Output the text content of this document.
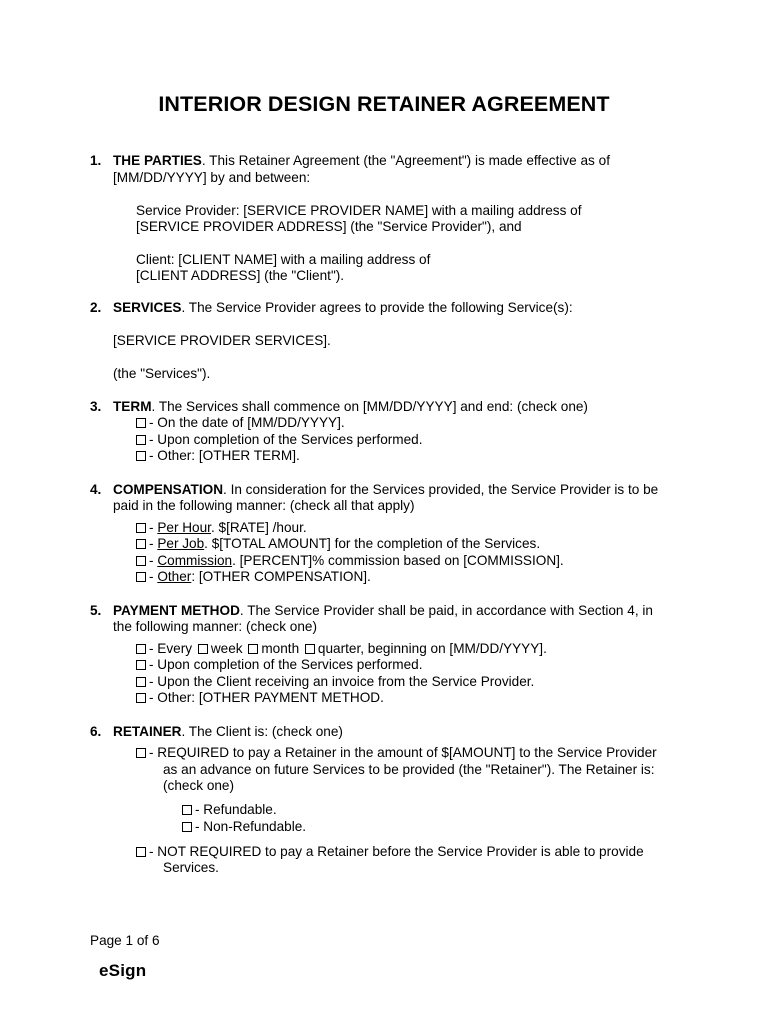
INTERIOR DESIGN RETAINER AGREEMENT
1. THE PARTIES. This Retainer Agreement (the "Agreement") is made effective as of
[MM/DD/YYYY] by and between:
Service Provider: [SERVICE PROVIDER NAME] with a mailing address of
[SERVICE PROVIDER ADDRESS] (the "Service Provider"), and
Client: [CLIENT NAME] with a mailing address of
[CLIENT ADDRESS] (the "Client").
2. SERVICES. The Service Provider agrees to provide the following Service(s):
[SERVICE PROVIDER SERVICES].
(the "Services").
3. TERM. The Services shall commence on [MM/DD/YYYY] and end: (check one)
- On the date of [MM/DD/YYYY].
- Upon completion of the Services performed.
- Other: [OTHER TERM].
4. COMPENSATION. In consideration for the Services provided, the Service Provider is to be
paid in the following manner: (check all that apply)
- Per Hour. $[RATE] /hour.
- Per Job. $[TOTAL AMOUNT] for the completion of the Services.
- Commission. [PERCENT]% commission based on [COMMISSION].
- Other: [OTHER COMPENSATION].
5. PAYMENT METHOD. The Service Provider shall be paid, in accordance with Section 4, in
the following manner: (check one)
- Every week month quarter, beginning on [MM/DD/YYYY].
- Upon completion of the Services performed.
- Upon the Client receiving an invoice from the Service Provider.
- Other: [OTHER PAYMENT METHOD.
6. RETAINER. The Client is: (check one)
- REQUIRED to pay a Retainer in the amount of $[AMOUNT] to the Service Provider
as an advance on future Services to be provided (the "Retainer"). The Retainer is:
(check one)
- Refundable.
- Non-Refundable.
- NOT REQUIRED to pay a Retainer before the Service Provider is able to provide
Services.
Page 1 of 6
eSign
